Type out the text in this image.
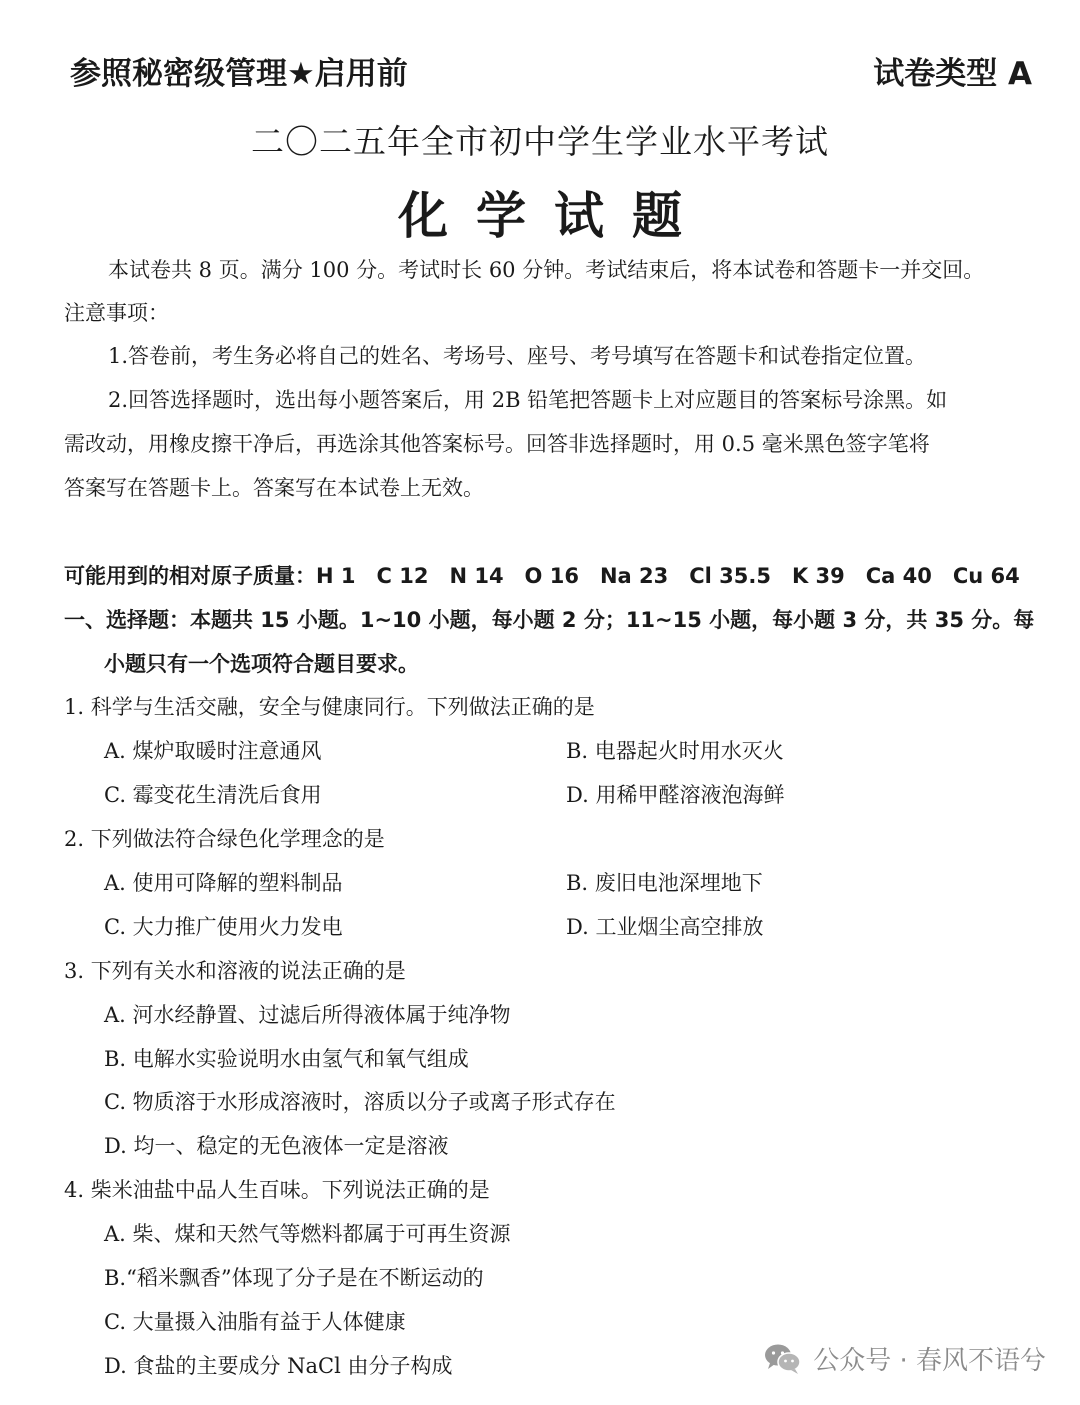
参照秘密级管理★启用前	试卷类型 A
二〇二五年全市初中学生学业水平考试
化学试题
本试卷共 8 页。满分 100 分。考试时长 60 分钟。考试结束后，将本试卷和答题卡一并交回。
注意事项：
1.答卷前，考生务必将自己的姓名、考场号、座号、考号填写在答题卡和试卷指定位置。
2.回答选择题时，选出每小题答案后，用 2B 铅笔把答题卡上对应题目的答案标号涂黑。如
需改动，用橡皮擦干净后，再选涂其他答案标号。回答非选择题时，用 0.5 毫米黑色签字笔将
答案写在答题卡上。答案写在本试卷上无效。
可能用到的相对原子质量：H 1　C 12　N 14　O 16　Na 23　Cl 35.5　K 39　Ca 40　Cu 64
一、选择题：本题共 15 小题。1~10 小题，每小题 2 分；11~15 小题，每小题 3 分，共 35 分。每
小题只有一个选项符合题目要求。
1. 科学与生活交融，安全与健康同行。下列做法正确的是
A. 煤炉取暖时注意通风	B. 电器起火时用水灭火
C. 霉变花生清洗后食用	D. 用稀甲醛溶液泡海鲜
2. 下列做法符合绿色化学理念的是
A. 使用可降解的塑料制品	B. 废旧电池深埋地下
C. 大力推广使用火力发电	D. 工业烟尘高空排放
3. 下列有关水和溶液的说法正确的是
A. 河水经静置、过滤后所得液体属于纯净物
B. 电解水实验说明水由氢气和氧气组成
C. 物质溶于水形成溶液时，溶质以分子或离子形式存在
D. 均一、稳定的无色液体一定是溶液
4. 柴米油盐中品人生百味。下列说法正确的是
A. 柴、煤和天然气等燃料都属于可再生资源
B.“稻米飘香”体现了分子是在不断运动的
C. 大量摄入油脂有益于人体健康
D. 食盐的主要成分 NaCl 由分子构成	公众号 · 春风不语兮
